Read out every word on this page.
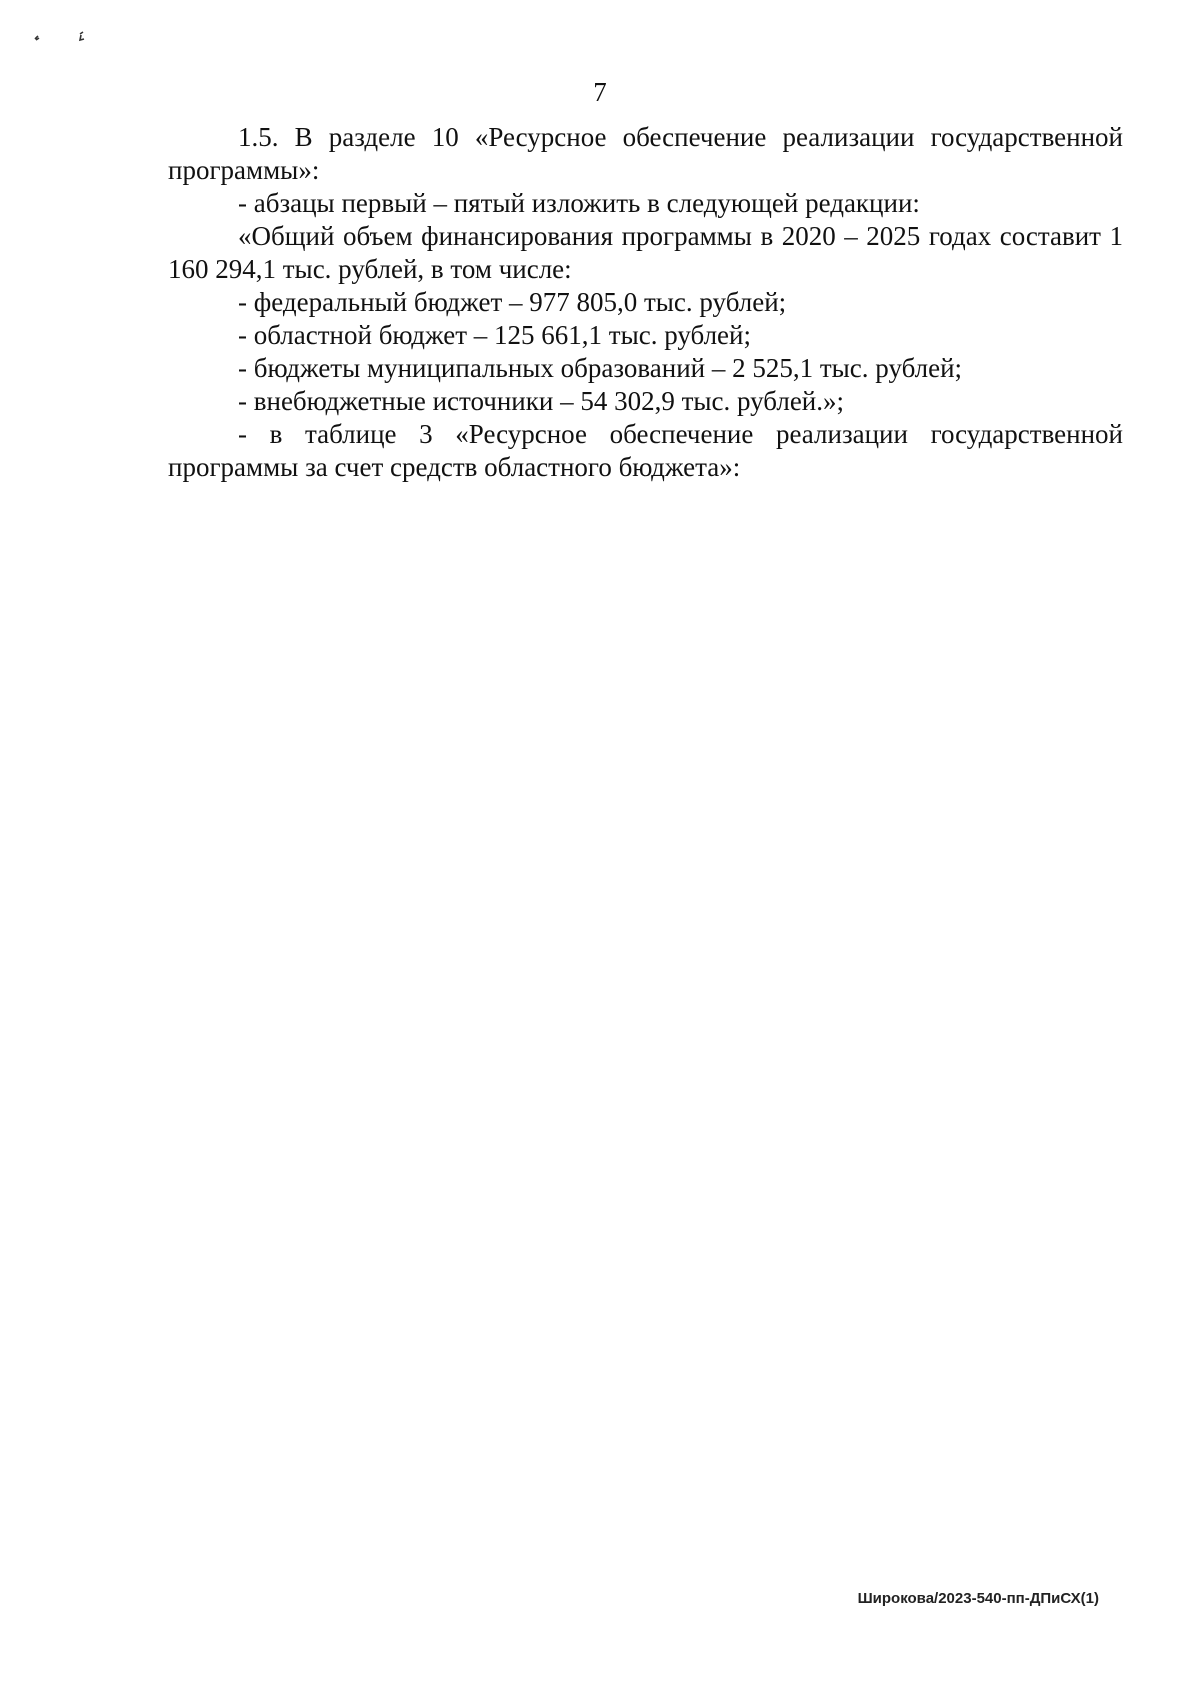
7

1.5. В разделе 10 «Ресурсное обеспечение реализации государственной программы»:

- абзацы первый – пятый изложить в следующей редакции:

«Общий объем финансирования программы в 2020 – 2025 годах составит 1 160 294,1 тыс. рублей, в том числе:

- федеральный бюджет – 977 805,0 тыс. рублей;

- областной бюджет – 125 661,1 тыс. рублей;

- бюджеты муниципальных образований – 2 525,1 тыс. рублей;

- внебюджетные источники – 54 302,9 тыс. рублей.»;

- в таблице 3 «Ресурсное обеспечение реализации государственной программы за счет средств областного бюджета»:

Широкова/2023-540-пп-ДПиСХ(1)
